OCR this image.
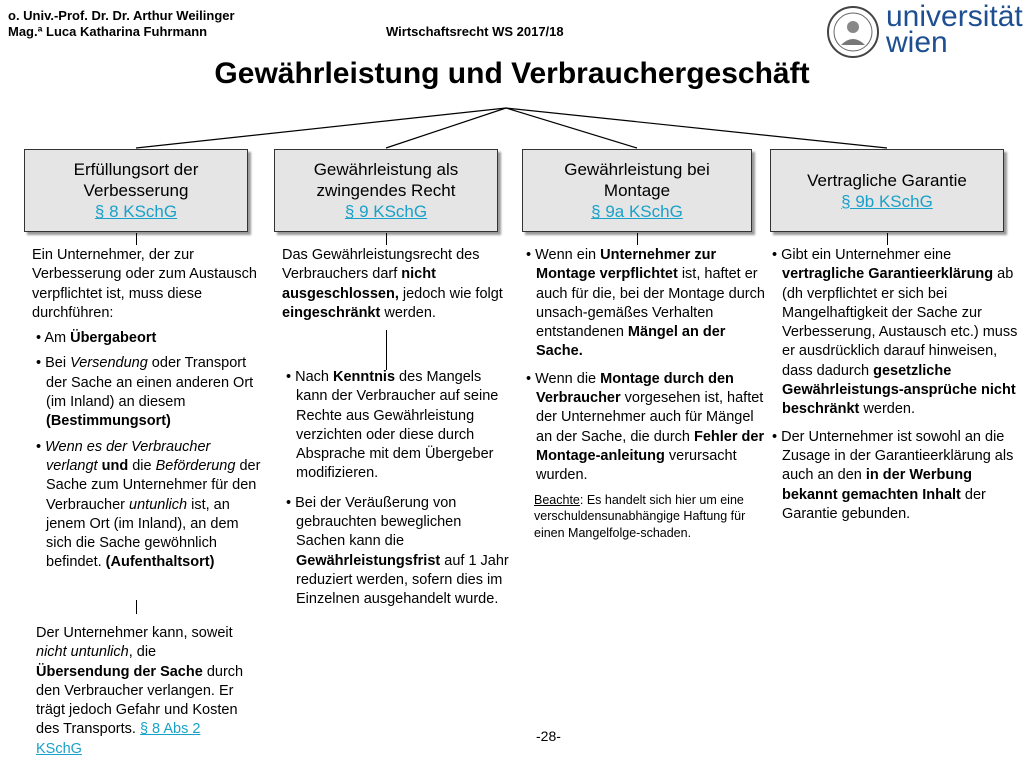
o. Univ.-Prof. Dr. Dr. Arthur Weilinger
Mag.ª Luca Katharina Fuhrmann	Wirtschaftsrecht WS 2017/18	universität
wien
Gewährleistung und Verbrauchergeschäft
Erfüllungsort der
Verbesserung
§ 8 KSchG
Gewährleistung als
zwingendes Recht
§ 9 KSchG
Gewährleistung bei
Montage
§ 9a KSchG
Vertragliche Garantie
§ 9b KSchG

Ein Unternehmer, der zur Verbesserung oder zum Austausch verpflichtet ist, muss diese durchführen:

• Am Übergabeort

• Bei Versendung oder Transport der Sache an einen anderen Ort (im Inland) an diesem (Bestimmungsort)

• Wenn es der Verbraucher verlangt und die Beförderung der Sache zum Unternehmer für den Verbraucher untunlich ist, an jenem Ort (im Inland), an dem sich die Sache gewöhnlich befindet. (Aufenthaltsort)

Der Unternehmer kann, soweit nicht untunlich, die Übersendung der Sache durch den Verbraucher verlangen. Er trägt jedoch Gefahr und Kosten des Transports. § 8 Abs 2 KSchG

Das Gewährleistungsrecht des Verbrauchers darf nicht ausgeschlossen, jedoch wie folgt eingeschränkt werden.

• Nach Kenntnis des Mangels kann der Verbraucher auf seine Rechte aus Gewährleistung verzichten oder diese durch Absprache mit dem Übergeber modifizieren.

• Bei der Veräußerung von gebrauchten beweglichen Sachen kann die Gewährleistungsfrist auf 1 Jahr reduziert werden, sofern dies im Einzelnen ausgehandelt wurde.

• Wenn ein Unternehmer zur Montage verpflichtet ist, haftet er auch für die, bei der Montage durch unsach-gemäßes Verhalten entstandenen Mängel an der Sache.

• Wenn die Montage durch den Verbraucher vorgesehen ist, haftet der Unternehmer auch für Mängel an der Sache, die durch Fehler der Montage-anleitung verursacht wurden.

Beachte: Es handelt sich hier um eine verschuldensunabhängige Haftung für einen Mangelfolge-schaden.

• Gibt ein Unternehmer eine vertragliche Garantieerklärung ab (dh verpflichtet er sich bei Mangelhaftigkeit der Sache zur Verbesserung, Austausch etc.) muss er ausdrücklich darauf hinweisen, dass dadurch gesetzliche Gewährleistungs-ansprüche nicht beschränkt werden.

• Der Unternehmer ist sowohl an die Zusage in der Garantieerklärung als auch an den in der Werbung bekannt gemachten Inhalt der Garantie gebunden.

-28-
